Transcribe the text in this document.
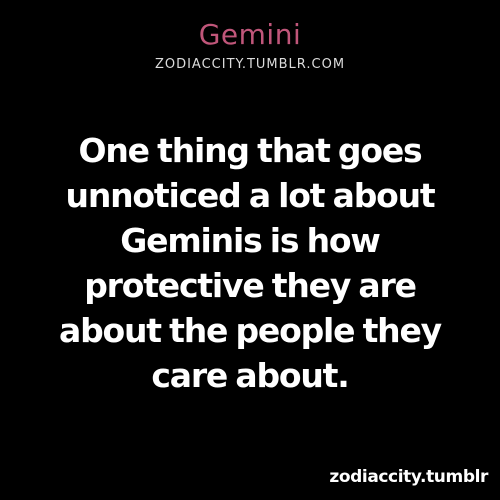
Gemini
ZODIACCITY.TUMBLR.COM
One thing that goes
unnoticed a lot about
Geminis is how
protective they are
about the people they
care about.
zodiaccity.tumblr
